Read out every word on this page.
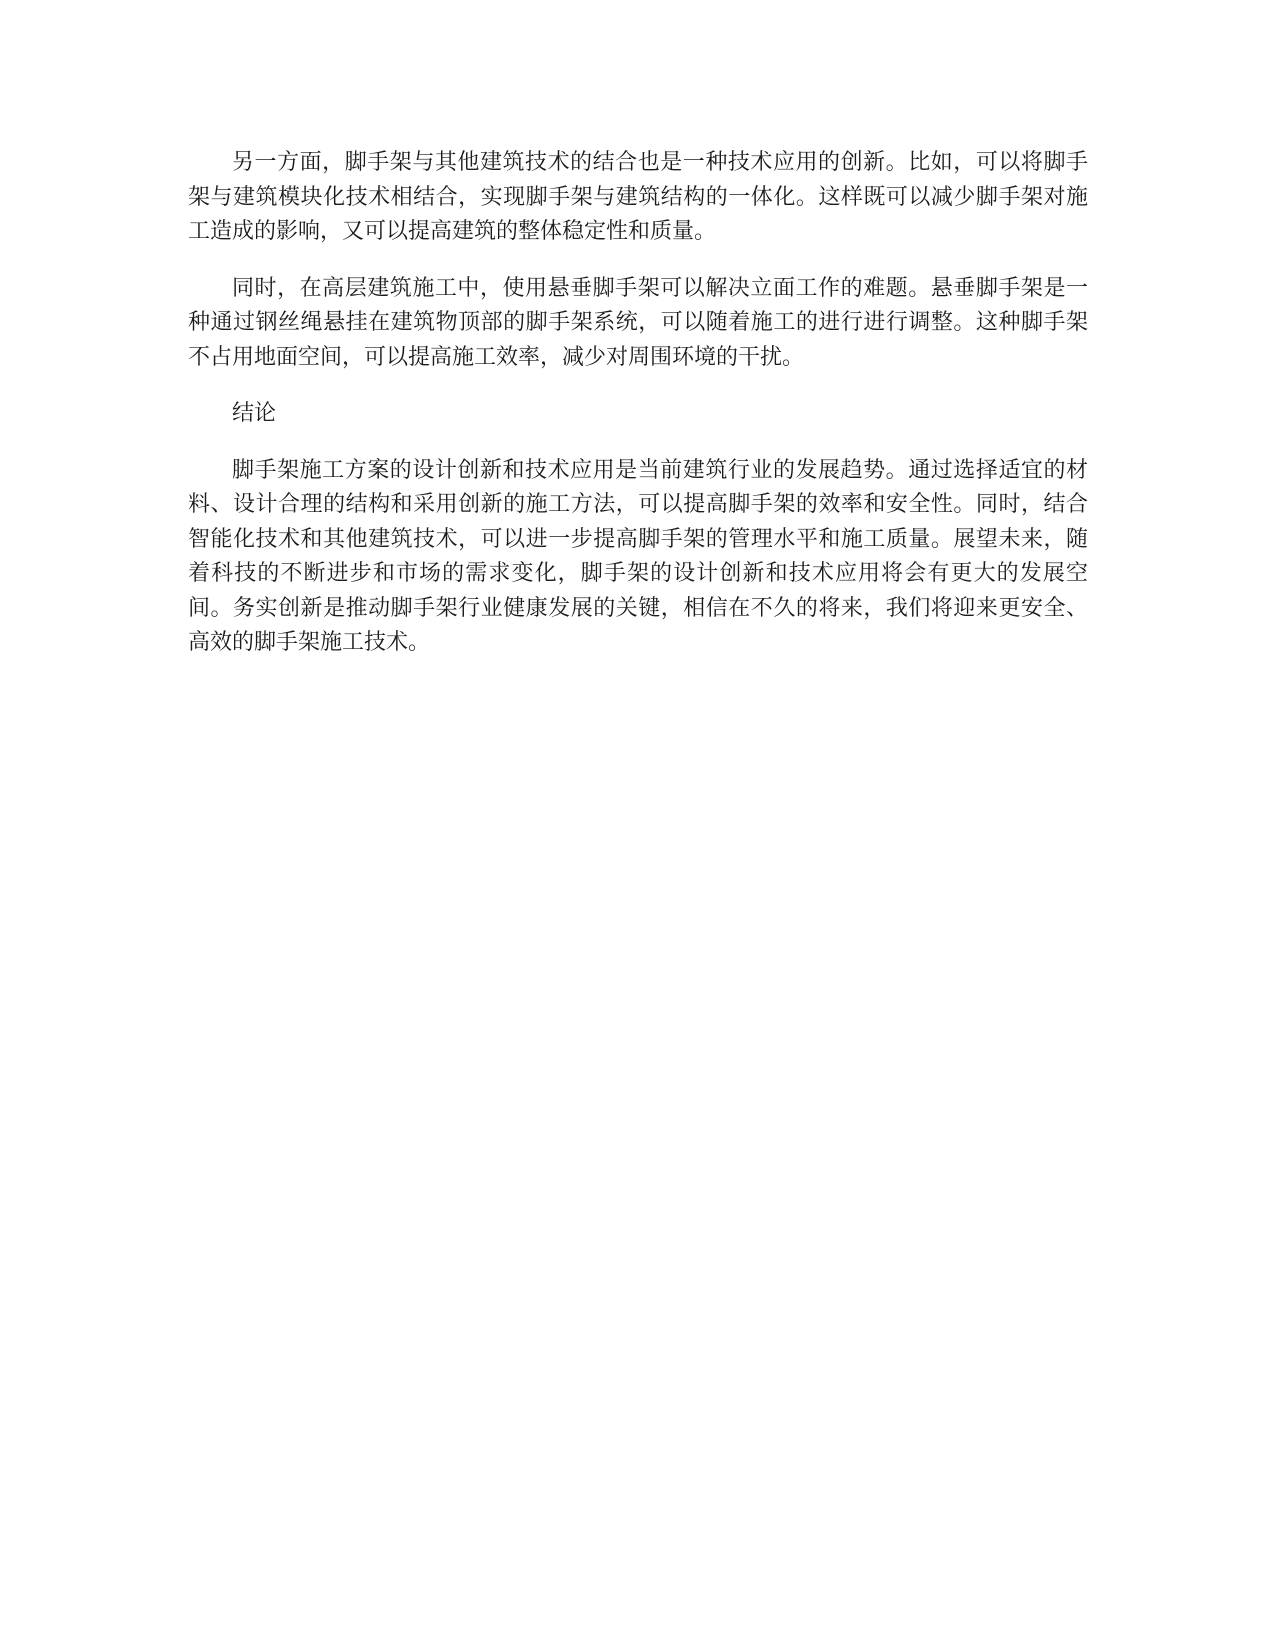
另一方面，脚手架与其他建筑技术的结合也是一种技术应用的创新。比如，可以将脚手架与建筑模块化技术相结合，实现脚手架与建筑结构的一体化。这样既可以减少脚手架对施工造成的影响，又可以提高建筑的整体稳定性和质量。

同时，在高层建筑施工中，使用悬垂脚手架可以解决立面工作的难题。悬垂脚手架是一种通过钢丝绳悬挂在建筑物顶部的脚手架系统，可以随着施工的进行进行调整。这种脚手架不占用地面空间，可以提高施工效率，减少对周围环境的干扰。

结论

脚手架施工方案的设计创新和技术应用是当前建筑行业的发展趋势。通过选择适宜的材料、设计合理的结构和采用创新的施工方法，可以提高脚手架的效率和安全性。同时，结合智能化技术和其他建筑技术，可以进一步提高脚手架的管理水平和施工质量。展望未来，随着科技的不断进步和市场的需求变化，脚手架的设计创新和技术应用将会有更大的发展空间。务实创新是推动脚手架行业健康发展的关键，相信在不久的将来，我们将迎来更安全、高效的脚手架施工技术。
